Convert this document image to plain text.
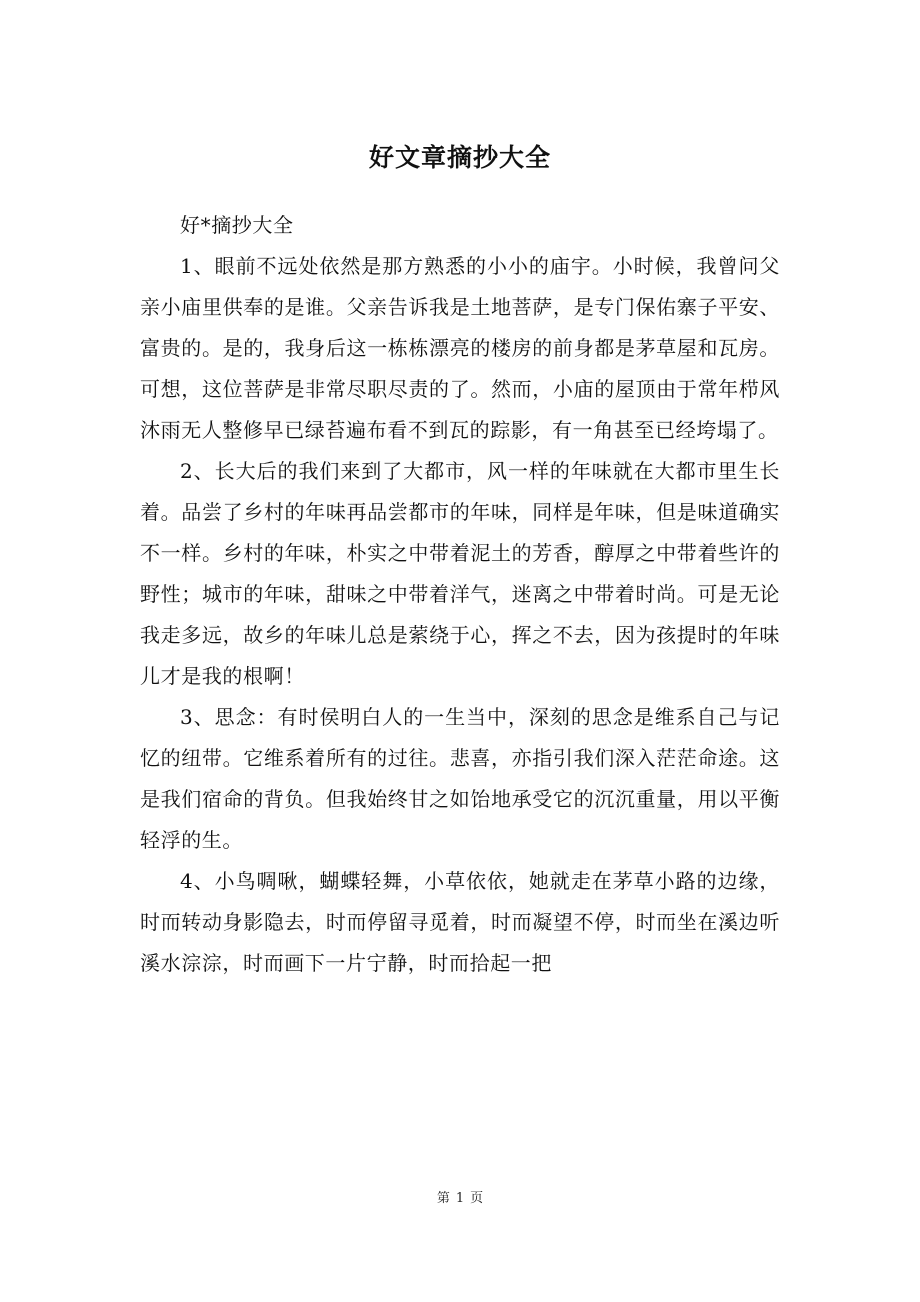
好文章摘抄大全

好*摘抄大全

1、眼前不远处依然是那方熟悉的小小的庙宇。小时候，我曾问父亲小庙里供奉的是谁。父亲告诉我是土地菩萨，是专门保佑寨子平安、富贵的。是的，我身后这一栋栋漂亮的楼房的前身都是茅草屋和瓦房。可想，这位菩萨是非常尽职尽责的了。然而，小庙的屋顶由于常年栉风沐雨无人整修早已绿苔遍布看不到瓦的踪影，有一角甚至已经垮塌了。

2、长大后的我们来到了大都市，风一样的年味就在大都市里生长着。品尝了乡村的年味再品尝都市的年味，同样是年味，但是味道确实不一样。乡村的年味，朴实之中带着泥土的芳香，醇厚之中带着些许的野性；城市的年味，甜味之中带着洋气，迷离之中带着时尚。可是无论我走多远，故乡的年味儿总是萦绕于心，挥之不去，因为孩提时的年味儿才是我的根啊！

3、思念：有时侯明白人的一生当中，深刻的思念是维系自己与记忆的纽带。它维系着所有的过往。悲喜，亦指引我们深入茫茫命途。这是我们宿命的背负。但我始终甘之如饴地承受它的沉沉重量，用以平衡轻浮的生。

4、小鸟啁啾，蝴蝶轻舞，小草依依，她就走在茅草小路的边缘，时而转动身影隐去，时而停留寻觅着，时而凝望不停，时而坐在溪边听溪水淙淙，时而画下一片宁静，时而拾起一把

第 1 页
